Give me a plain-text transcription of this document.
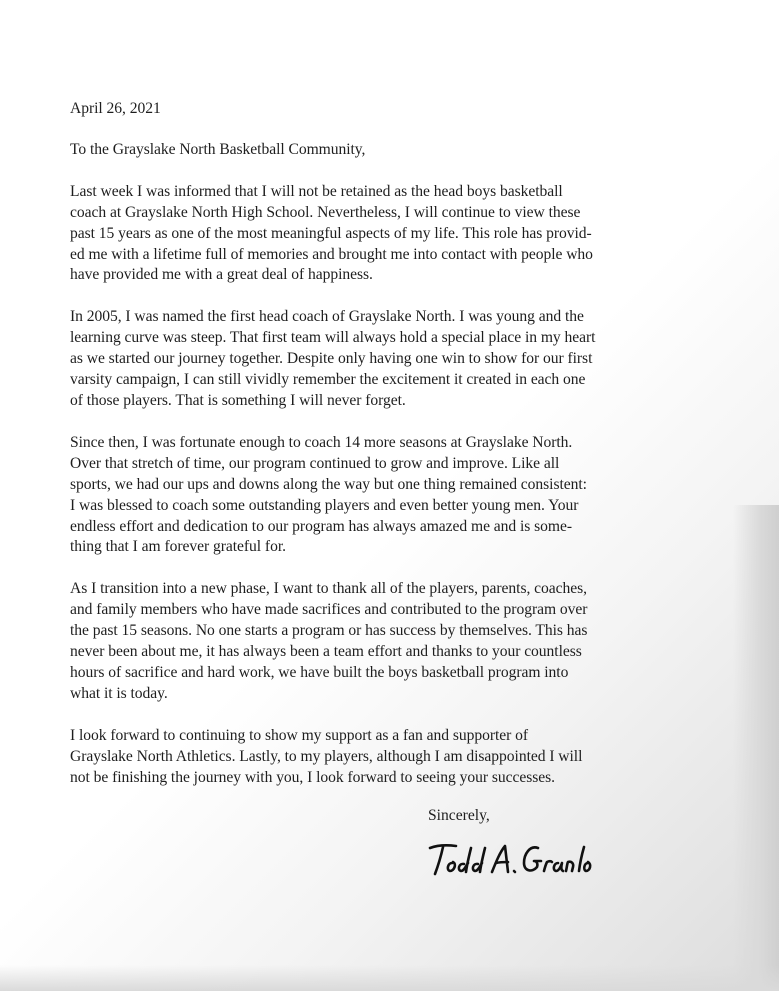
April 26, 2021

To the Grayslake North Basketball Community,

Last week I was informed that I will not be retained as the head boys basketball
coach at Grayslake North High School. Nevertheless, I will continue to view these
past 15 years as one of the most meaningful aspects of my life. This role has provid-
ed me with a lifetime full of memories and brought me into contact with people who
have provided me with a great deal of happiness.

In 2005, I was named the first head coach of Grayslake North. I was young and the
learning curve was steep. That first team will always hold a special place in my heart
as we started our journey together. Despite only having one win to show for our first
varsity campaign, I can still vividly remember the excitement it created in each one
of those players. That is something I will never forget.

Since then, I was fortunate enough to coach 14 more seasons at Grayslake North.
Over that stretch of time, our program continued to grow and improve. Like all
sports, we had our ups and downs along the way but one thing remained consistent:
I was blessed to coach some outstanding players and even better young men. Your
endless effort and dedication to our program has always amazed me and is some-
thing that I am forever grateful for.

As I transition into a new phase, I want to thank all of the players, parents, coaches,
and family members who have made sacrifices and contributed to the program over
the past 15 seasons. No one starts a program or has success by themselves. This has
never been about me, it has always been a team effort and thanks to your countless
hours of sacrifice and hard work, we have built the boys basketball program into
what it is today.

I look forward to continuing to show my support as a fan and supporter of
Grayslake North Athletics. Lastly, to my players, although I am disappointed I will
not be finishing the journey with you, I look forward to seeing your successes.

Sincerely,
